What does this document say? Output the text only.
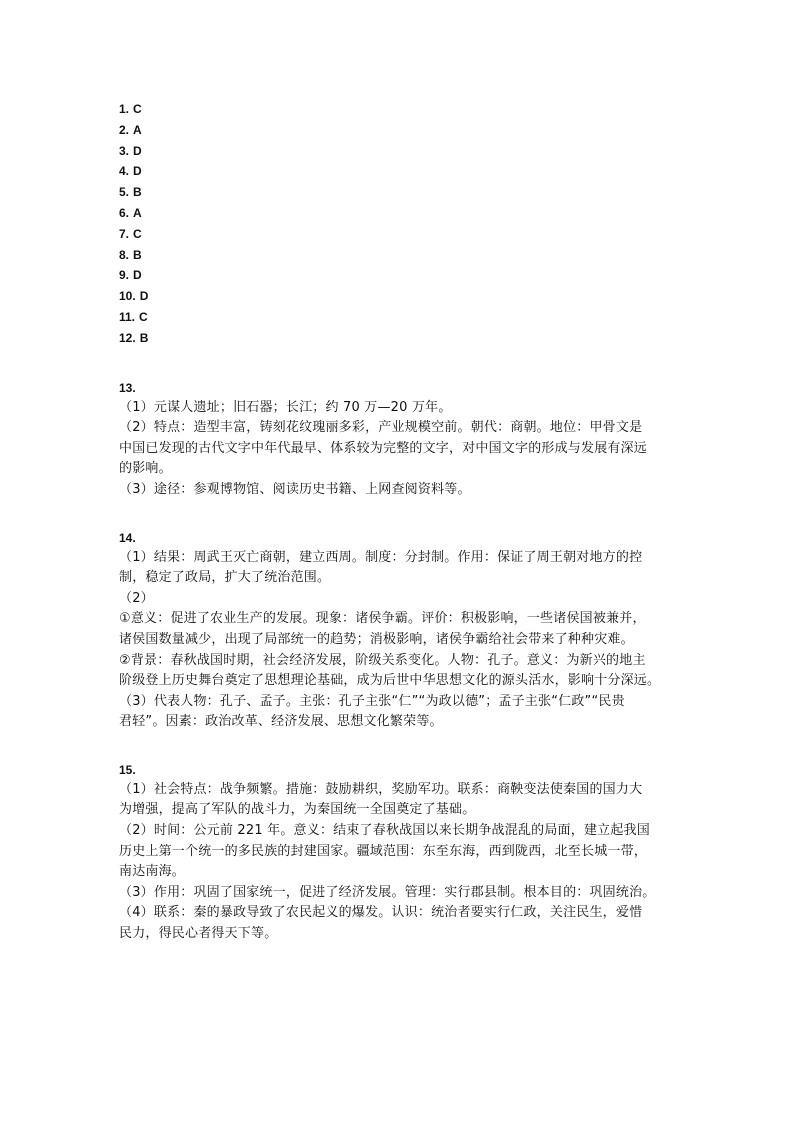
1. C
2. A
3. D
4. D
5. B
6. A
7. C
8. B
9. D
10. D
11. C
12. B
13.
（1）元谋人遗址；旧石器；长江；约 70 万—20 万年。
（2）特点：造型丰富，铸刻花纹瑰丽多彩，产业规模空前。朝代：商朝。地位：甲骨文是
中国已发现的古代文字中年代最早、体系较为完整的文字，对中国文字的形成与发展有深远
的影响。
（3）途径：参观博物馆、阅读历史书籍、上网查阅资料等。
14.
（1）结果：周武王灭亡商朝，建立西周。制度：分封制。作用：保证了周王朝对地方的控
制，稳定了政局，扩大了统治范围。
（2）
①意义：促进了农业生产的发展。现象：诸侯争霸。评价：积极影响，一些诸侯国被兼并，
诸侯国数量减少，出现了局部统一的趋势；消极影响，诸侯争霸给社会带来了种种灾难。
②背景：春秋战国时期，社会经济发展，阶级关系变化。人物：孔子。意义：为新兴的地主
阶级登上历史舞台奠定了思想理论基础，成为后世中华思想文化的源头活水，影响十分深远。
（3）代表人物：孔子、孟子。主张：孔子主张“仁”“为政以德”；孟子主张“仁政”“民贵
君轻”。因素：政治改革、经济发展、思想文化繁荣等。
15.
（1）社会特点：战争频繁。措施：鼓励耕织，奖励军功。联系：商鞅变法使秦国的国力大
为增强，提高了军队的战斗力，为秦国统一全国奠定了基础。
（2）时间：公元前 221 年。意义：结束了春秋战国以来长期争战混乱的局面，建立起我国
历史上第一个统一的多民族的封建国家。疆域范围：东至东海，西到陇西，北至长城一带，
南达南海。
（3）作用：巩固了国家统一，促进了经济发展。管理：实行郡县制。根本目的：巩固统治。
（4）联系：秦的暴政导致了农民起义的爆发。认识：统治者要实行仁政，关注民生，爱惜
民力，得民心者得天下等。
